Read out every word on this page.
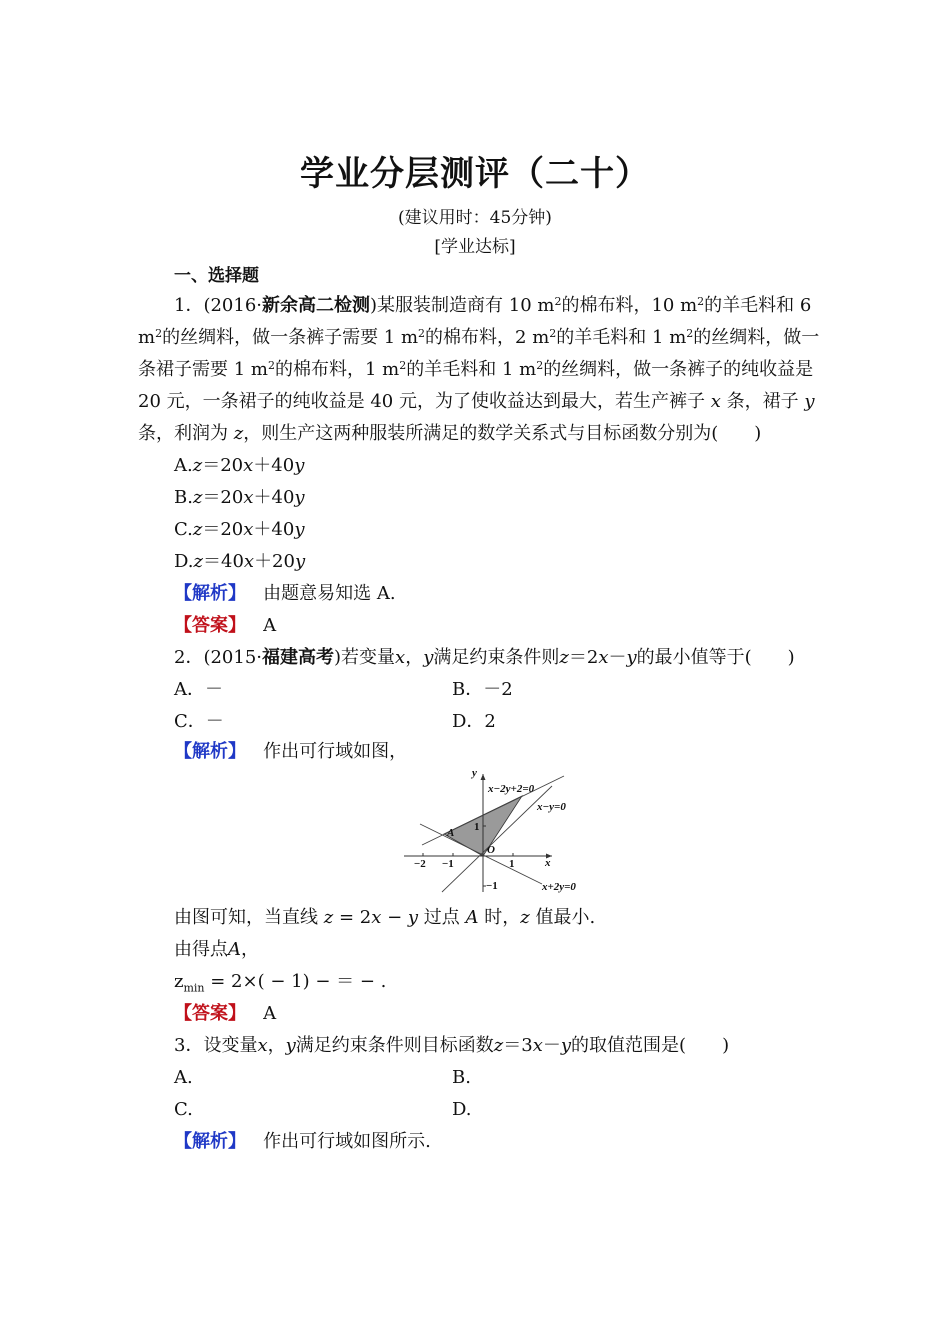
学业分层测评（二十）
(建议用时：45分钟)
[学业达标]
一、选择题
1．(2016·新余高二检测)某服装制造商有 10 $m^2$的棉布料，10 $m^2$的羊毛料和 6
$m^2$的丝绸料，做一条裤子需要 1 $m^2$的棉布料，2 $m^2$的羊毛料和 1 $m^2$的丝绸料，做一
条裙子需要 1 $m^2$的棉布料，1 $m^2$的羊毛料和 1 $m^2$的丝绸料，做一条裤子的纯收益是
20 元，一条裙子的纯收益是 40 元，为了使收益达到最大，若生产裤子 x 条，裙子 y
条，利润为 z，则生产这两种服装所满足的数学关系式与目标函数分别为(　　)
A.z＝20x＋40y
B.z＝20x＋40y
C.z＝20x＋40y
D.z＝40x＋20y
【解析】 由题意易知选 A.
【答案】 A
2．(2015·福建高考)若变量x，y满足约束条件则z＝2x－y的最小值等于(　　)
A．－	B．－2
C．－	D．2
【解析】 作出可行域如图，
y
x
x−2y+2=0
x−y=0
x+2y=0
A
O
−2 −1	1
1
−1
由图可知，当直线 z = 2x − y 过点 A 时，z 值最小.
由得点A，
$z_{min} = 2\times( - 1)$ − ＝ − .
【答案】 A
3．设变量x，y满足约束条件则目标函数z＝3x－y的取值范围是(　　)
A.	B.
C.	D.
【解析】 作出可行域如图所示.
